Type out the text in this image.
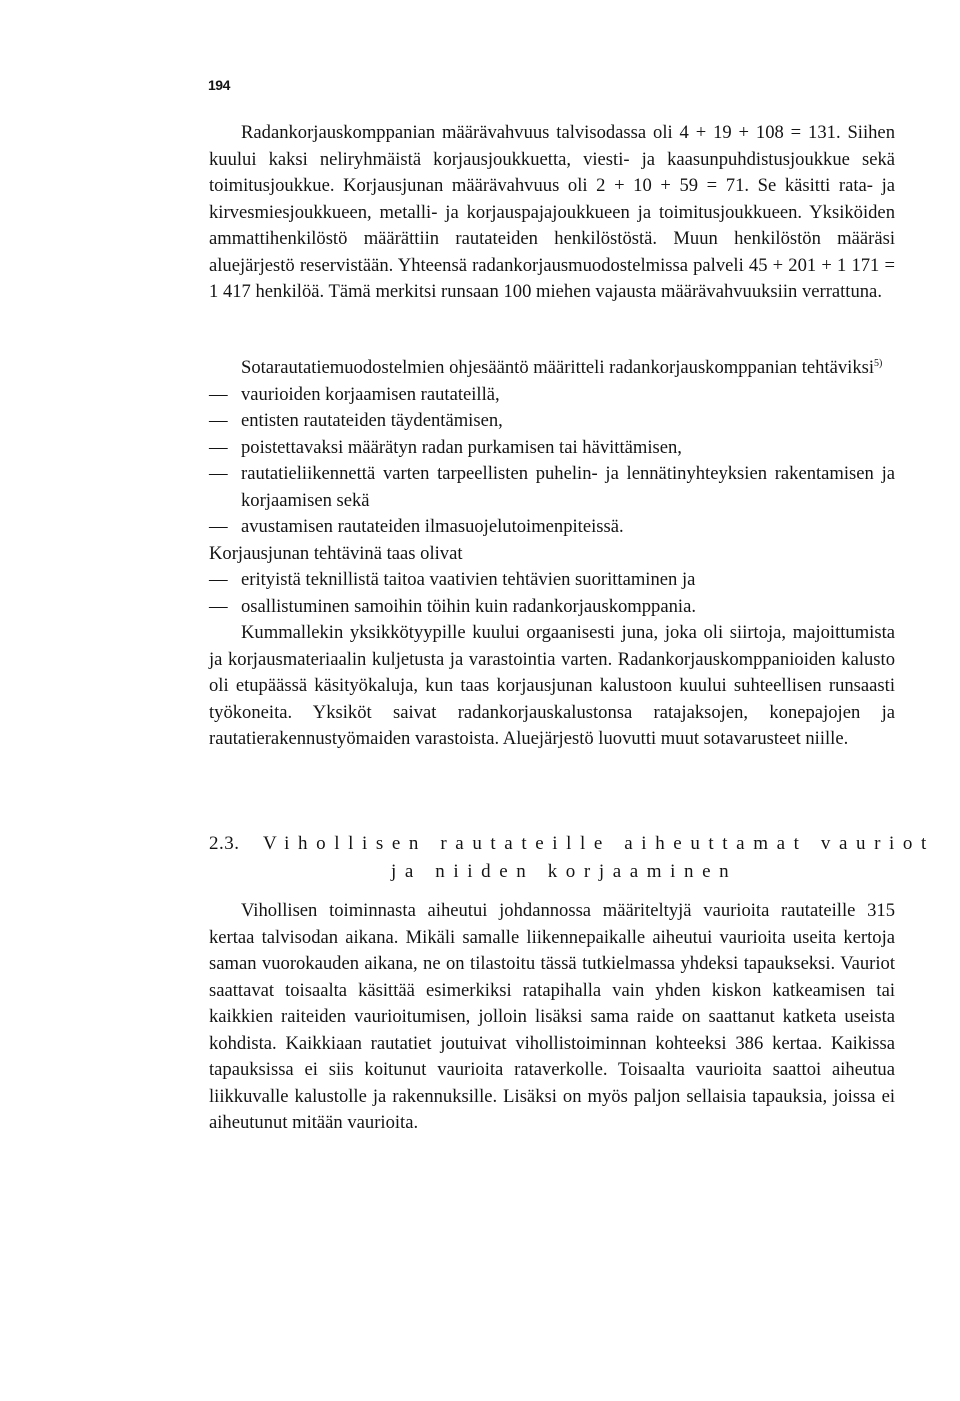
194

Radankorjauskomppanian määrävahvuus talvisodassa oli 4 + 19 + 108 = 131. Siihen kuului kaksi neliryhmäistä korjausjoukkuetta, viesti- ja kaasunpuhdistusjoukkue sekä toimitusjoukkue. Korjausjunan määrävahvuus oli 2 + 10 + 59 = 71. Se käsitti rata- ja kirvesmiesjoukkueen, metalli- ja korjauspajajoukkueen ja toimitusjoukkueen. Yksiköiden ammattihenkilöstö määrättiin rautateiden henkilöstöstä. Muun henkilöstön määräsi aluejärjestö reservistään. Yhteensä radankorjausmuodostelmissa palveli 45 + 201 + 1 171 = 1 417 henkilöä. Tämä merkitsi runsaan 100 miehen vajausta määrävahvuuksiin verrattuna.

Sotarautatiemuodostelmien ohjesääntö määritteli radankorjauskomppanian tehtäviksi$^{5)}$

— vaurioiden korjaamisen rautateillä,
— entisten rautateiden täydentämisen,
— poistettavaksi määrätyn radan purkamisen tai hävittämisen,
— rautatieliikennettä varten tarpeellisten puhelin- ja lennätinyhteyksien rakentamisen ja korjaamisen sekä
— avustamisen rautateiden ilmasuojelutoimenpiteissä.

Korjausjunan tehtävinä taas olivat

— erityistä teknillistä taitoa vaativien tehtävien suorittaminen ja
— osallistuminen samoihin töihin kuin radankorjauskomppania.

Kummallekin yksikkötyypille kuului orgaanisesti juna, joka oli siirtoja, majoittumista ja korjausmateriaalin kuljetusta ja varastointia varten. Radankorjauskomppanioiden kalusto oli etupäässä käsityökaluja, kun taas korjausjunan kalustoon kuului suhteellisen runsaasti työkoneita. Yksiköt saivat radankorjauskalustonsa ratajaksojen, konepajojen ja rautatierakennustyömaiden varastoista. Aluejärjestö luovutti muut sotavarusteet niille.

2.3. Vihollisen rautateille aiheuttamat vauriot
ja niiden korjaaminen

Vihollisen toiminnasta aiheutui johdannossa määriteltyjä vaurioita rautateille 315 kertaa talvisodan aikana. Mikäli samalle liikennepaikalle aiheutui vaurioita useita kertoja saman vuorokauden aikana, ne on tilastoitu tässä tutkielmassa yhdeksi tapaukseksi. Vauriot saattavat toisaalta käsittää esimerkiksi ratapihalla vain yhden kiskon katkeamisen tai kaikkien raiteiden vaurioitumisen, jolloin lisäksi sama raide on saattanut katketa useista kohdista. Kaikkiaan rautatiet joutuivat vihollistoiminnan kohteeksi 386 kertaa. Kaikissa tapauksissa ei siis koitunut vaurioita rataverkolle. Toisaalta vaurioita saattoi aiheutua liikkuvalle kalustolle ja rakennuksille. Lisäksi on myös paljon sellaisia tapauksia, joissa ei aiheutunut mitään vaurioita.
